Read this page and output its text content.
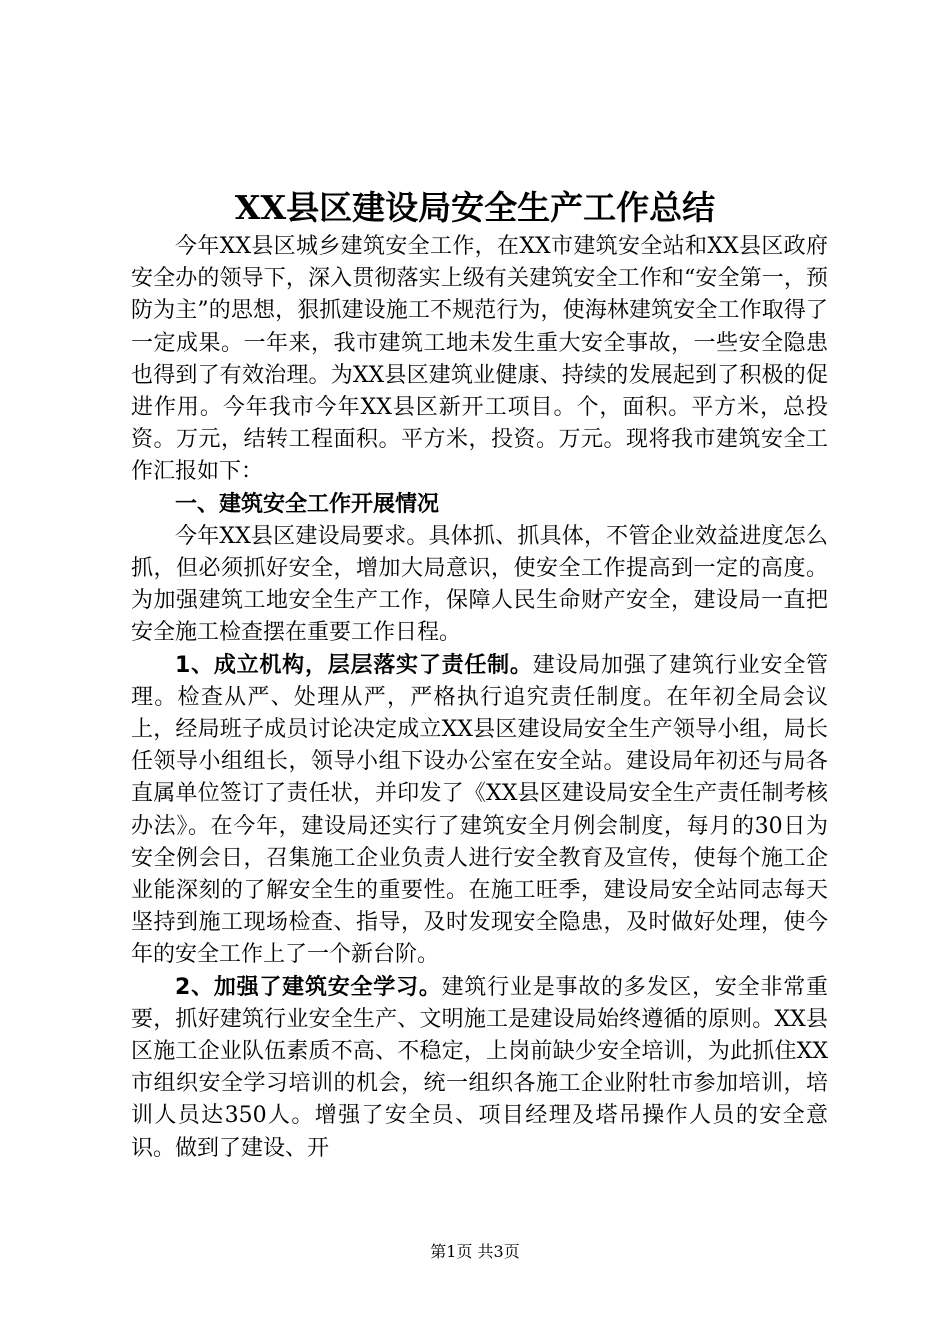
XX县区建设局安全生产工作总结

今年XX县区城乡建筑安全工作，在XX市建筑安全站和XX县区政府安全办的领导下，深入贯彻落实上级有关建筑安全工作和“安全第一，预防为主”的思想，狠抓建设施工不规范行为，使海林建筑安全工作取得了一定成果。一年来，我市建筑工地未发生重大安全事故，一些安全隐患也得到了有效治理。为XX县区建筑业健康、持续的发展起到了积极的促进作用。今年我市今年XX县区新开工项目。个，面积。平方米，总投资。万元，结转工程面积。平方米，投资。万元。现将我市建筑安全工作汇报如下：

一、建筑安全工作开展情况

今年XX县区建设局要求。具体抓、抓具体，不管企业效益进度怎么抓，但必须抓好安全，增加大局意识，使安全工作提高到一定的高度。为加强建筑工地安全生产工作，保障人民生命财产安全，建设局一直把安全施工检查摆在重要工作日程。

1、成立机构，层层落实了责任制。建设局加强了建筑行业安全管理。检查从严、处理从严，严格执行追究责任制度。在年初全局会议上，经局班子成员讨论决定成立XX县区建设局安全生产领导小组，局长任领导小组组长，领导小组下设办公室在安全站。建设局年初还与局各直属单位签订了责任状，并印发了《XX县区建设局安全生产责任制考核办法》。在今年，建设局还实行了建筑安全月例会制度，每月的30日为安全例会日，召集施工企业负责人进行安全教育及宣传，使每个施工企业能深刻的了解安全生的重要性。在施工旺季，建设局安全站同志每天坚持到施工现场检查、指导，及时发现安全隐患，及时做好处理，使今年的安全工作上了一个新台阶。

2、加强了建筑安全学习。建筑行业是事故的多发区，安全非常重要，抓好建筑行业安全生产、文明施工是建设局始终遵循的原则。XX县区施工企业队伍素质不高、不稳定，上岗前缺少安全培训，为此抓住XX市组织安全学习培训的机会，统一组织各施工企业附牡市参加培训，培训人员达350人。增强了安全员、项目经理及塔吊操作人员的安全意识。做到了建设、开

第1页 共3页
